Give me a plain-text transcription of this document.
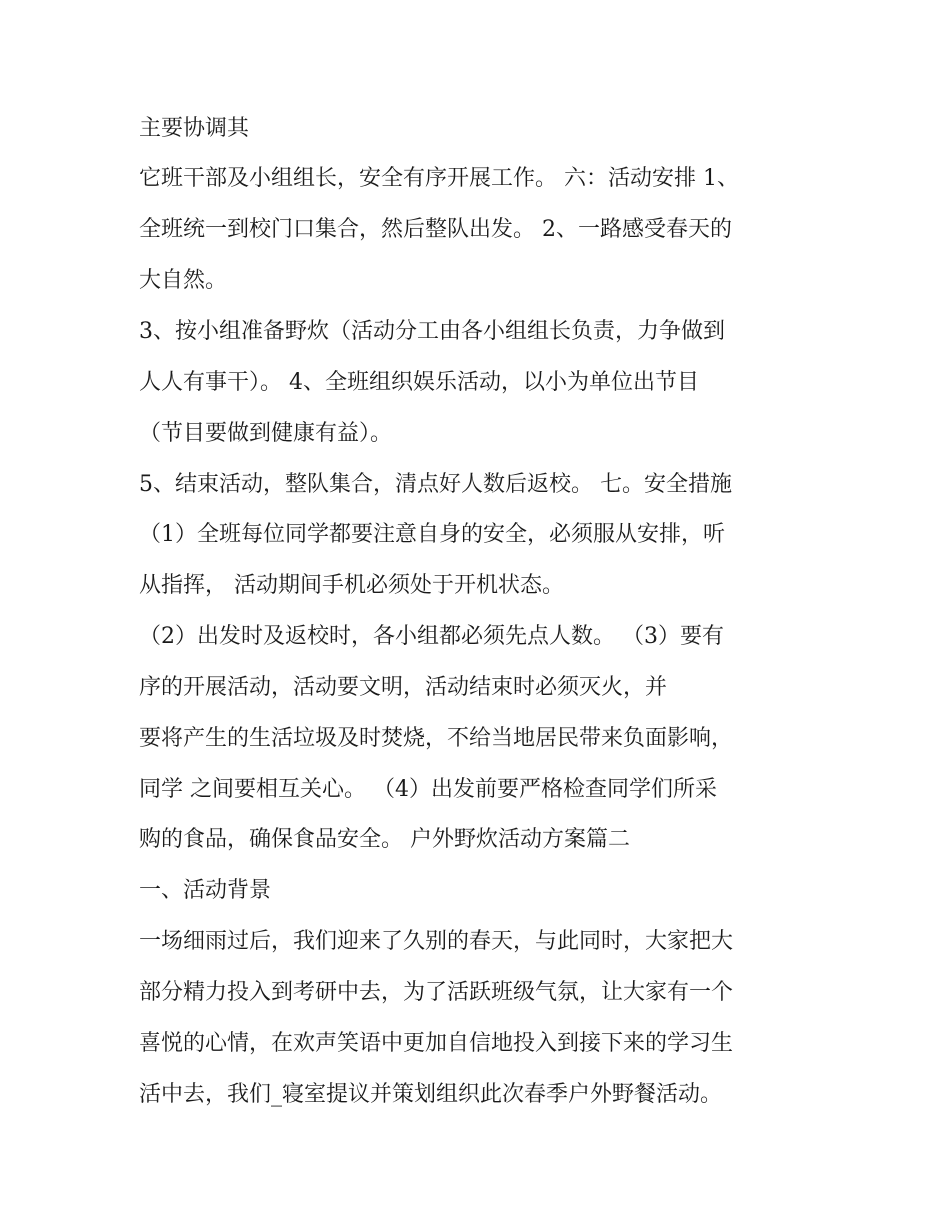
主要协调其

它班干部及小组组长，安全有序开展工作。 六：活动安排 1、

全班统一到校门口集合，然后整队出发。 2、一路感受春天的

大自然。

3、按小组准备野炊（活动分工由各小组组长负责，力争做到

人人有事干）。 4、全班组织娱乐活动，以小为单位出节目

（节目要做到健康有益）。

5、结束活动，整队集合，清点好人数后返校。 七。安全措施

（1）全班每位同学都要注意自身的安全，必须服从安排，听

从指挥， 活动期间手机必须处于开机状态。

（2）出发时及返校时，各小组都必须先点人数。 （3）要有

序的开展活动，活动要文明，活动结束时必须灭火，并

要将产生的生活垃圾及时焚烧，不给当地居民带来负面影响，

同学 之间要相互关心。 （4）出发前要严格检查同学们所采

购的食品，确保食品安全。 户外野炊活动方案篇二

一、活动背景

一场细雨过后，我们迎来了久别的春天，与此同时，大家把大

部分精力投入到考研中去，为了活跃班级气氛，让大家有一个

喜悦的心情，在欢声笑语中更加自信地投入到接下来的学习生

活中去，我们_寝室提议并策划组织此次春季户外野餐活动。
